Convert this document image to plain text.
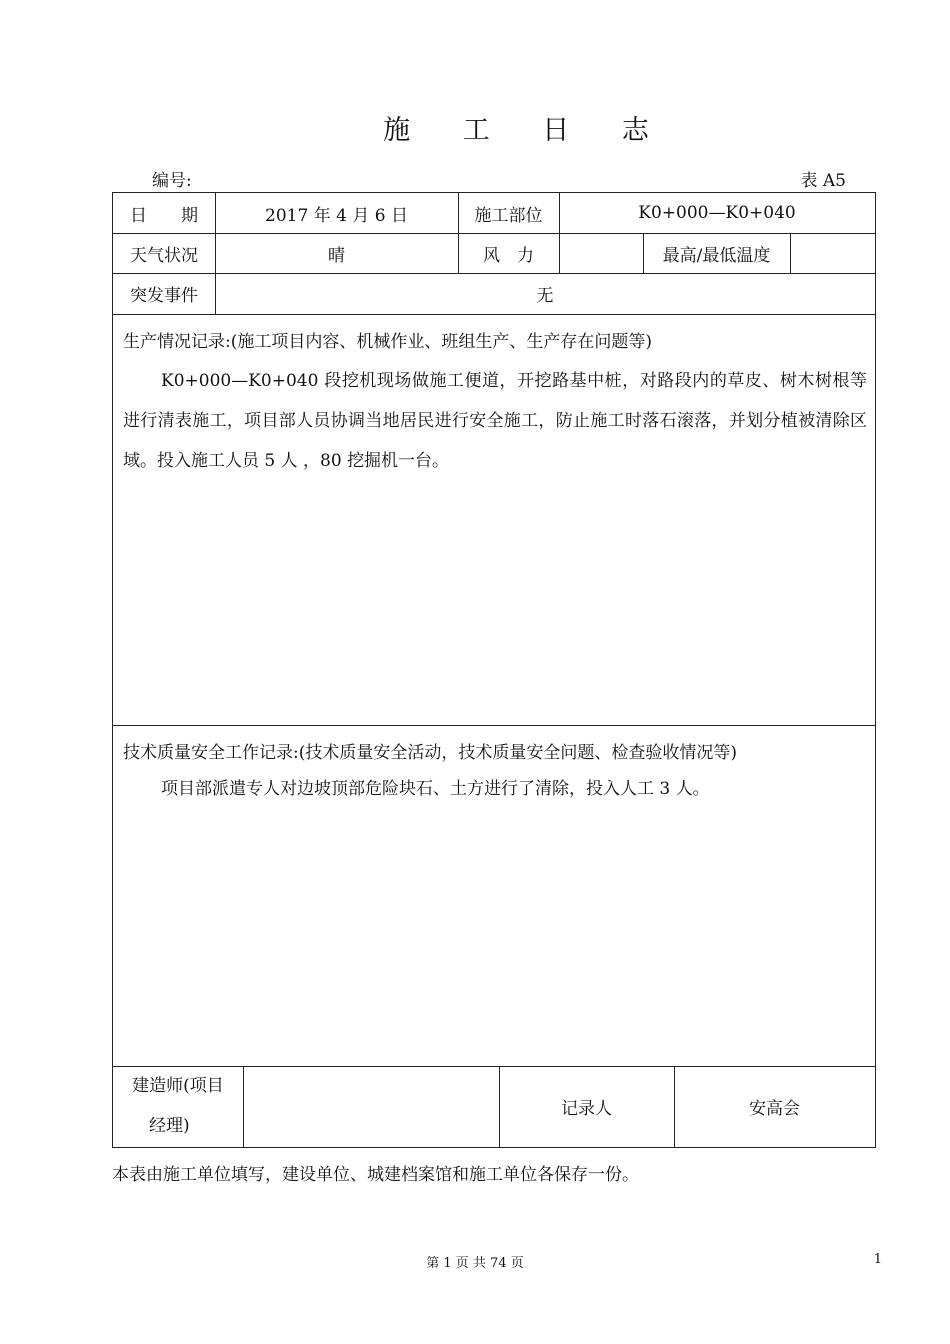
施 工 日 志
编号:	表 A5
日　　期	2017 年 4 月 6 日	施工部位	K0+000—K0+040
天气状况	晴	风　力	最高/最低温度
突发事件	无
生产情况记录:(施工项目内容、机械作业、班组生产、生产存在问题等)
K0+000—K0+040 段挖机现场做施工便道，开挖路基中桩，对路段内的草皮、树木树根等进行清表施工，项目部人员协调当地居民进行安全施工，防止施工时落石滚落，并划分植被清除区域。投入施工人员 5 人 ，80 挖掘机一台。
技术质量安全工作记录:(技术质量安全活动，技术质量安全问题、检查验收情况等)
项目部派遣专人对边坡顶部危险块石、土方进行了清除，投入人工 3 人。
建造师(项目
经理)
记录人	安高会
本表由施工单位填写，建设单位、城建档案馆和施工单位各保存一份。
第 1 页 共 74 页	1
